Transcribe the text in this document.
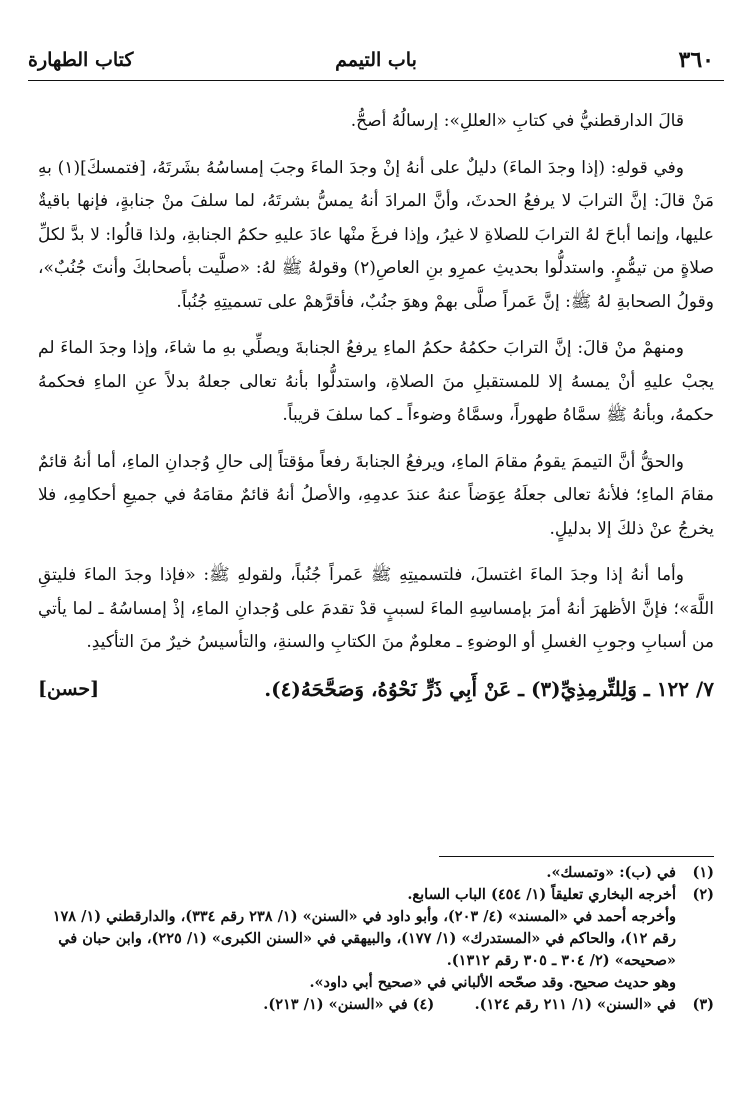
٣٦٠
باب التيمم
كتاب الطهارة

قالَ الدارقطنيُّ في كتابِ «العللِ»: إرسالُهُ أصحُّ.

وفي قولهِ: (إذا وجدَ الماءَ) دليلٌ على أنهُ إنْ وجدَ الماءَ وجبَ إمساسُهُ بشَرتَهُ، [فتمسكَ](١) بهِ مَنْ قالَ: إنَّ الترابَ لا يرفعُ الحدثَ، وأنَّ المرادَ أنهُ يمسُّ بشرتَهُ، لما سلفَ منْ جنابةٍ، فإنها باقيةٌ عليها، وإنما أباحَ لهُ الترابَ للصلاةِ لا غيرُ، وإذا فرغَ منْها عادَ عليهِ حكمُ الجنابةِ، ولذا قالُوا: لا بدَّ لكلِّ صلاةٍ من تيمُّمٍ. واستدلُّوا بحديثِ عمرِو بنِ العاصِ(٢) وقولهُ ﷺ لهُ: «صلَّيت بأصحابكَ وأنتَ جُنُبٌ»، وقولُ الصحابةِ لهُ ﷺ: إنَّ عَمراً صلَّى بهمْ وهوَ جنُبٌ، فأقرَّهمْ على تسميتِهِ جُنُباً.

ومنهمْ منْ قالَ: إنَّ الترابَ حكمُهُ حكمُ الماءِ يرفعُ الجنابةَ ويصلِّي بهِ ما شاءَ، وإذا وجدَ الماءَ لم يجبْ عليهِ أنْ يمسهُ إلا للمستقبلِ منَ الصلاةِ، واستدلُّوا بأنهُ تعالى جعلهُ بدلاً عنِ الماءِ فحكمهُ حكمهُ، وبأنهُ ﷺ سمَّاهُ طهوراً، وسمَّاهُ وضوءاً ـ كما سلفَ قريباً.

والحقُّ أنَّ التيممَ يقومُ مقامَ الماءِ، ويرفعُ الجنابةَ رفعاً مؤقتاً إلى حالِ وُجدانِ الماءِ، أما أنهُ قائمٌ مقامَ الماءِ؛ فلأنهُ تعالى جعلَهُ عِوَضاً عنهُ عندَ عدمِهِ، والأصلُ أنهُ قائمٌ مقامَهُ في جميعِ أحكامِهِ، فلا يخرجُ عنْ ذلكَ إلا بدليلٍ.

وأما أنهُ إذا وجدَ الماءَ اغتسلَ، فلتسميتِهِ ﷺ عَمراً جُنُباً، ولقولهِ ﷺ: «فإذا وجدَ الماءَ فليتقِ اللَّهَ»؛ فإنَّ الأظهرَ أنهُ أمرَ بإمساسِهِ الماءَ لسببٍ قدْ تقدمَ على وُجدانِ الماءِ، إذْ إمساسُهُ ـ لما يأتي من أسبابِ وجوبِ الغسلِ أو الوضوءِ ـ معلومٌ منَ الكتابِ والسنةِ، والتأسيسُ خيرٌ منَ التأكيدِ.

[حسن]	٧/ ١٢٢ ـ وَلِلتِّرمِذِيِّ(٣) ـ عَنْ أَبِي ذَرٍّ نَحْوُهُ، وَصَحَّحَهُ(٤).

(١)
في (ب): «وتمسك».
(٢)
أخرجه البخاري تعليقاً (١/ ٤٥٤) الباب السابع.
وأخرجه أحمد في «المسند» (٤/ ٢٠٣)، وأبو داود في «السنن» (١/ ٢٣٨ رقم ٣٣٤)، والدارقطني (١/ ١٧٨ رقم ١٢)، والحاكم في «المستدرك» (١/ ١٧٧)، والبيهقي في «السنن الكبرى» (١/ ٢٢٥)، وابن حبان في «صحيحه» (٢/ ٣٠٤ ـ ٣٠٥ رقم ١٣١٢).
وهو حديث صحيح. وقد صحّحه الألباني في «صحيح أبي داود».
(٣)
في «السنن» (١/ ٢١١ رقم ١٢٤).        (٤) في «السنن» (١/ ٢١٣).
